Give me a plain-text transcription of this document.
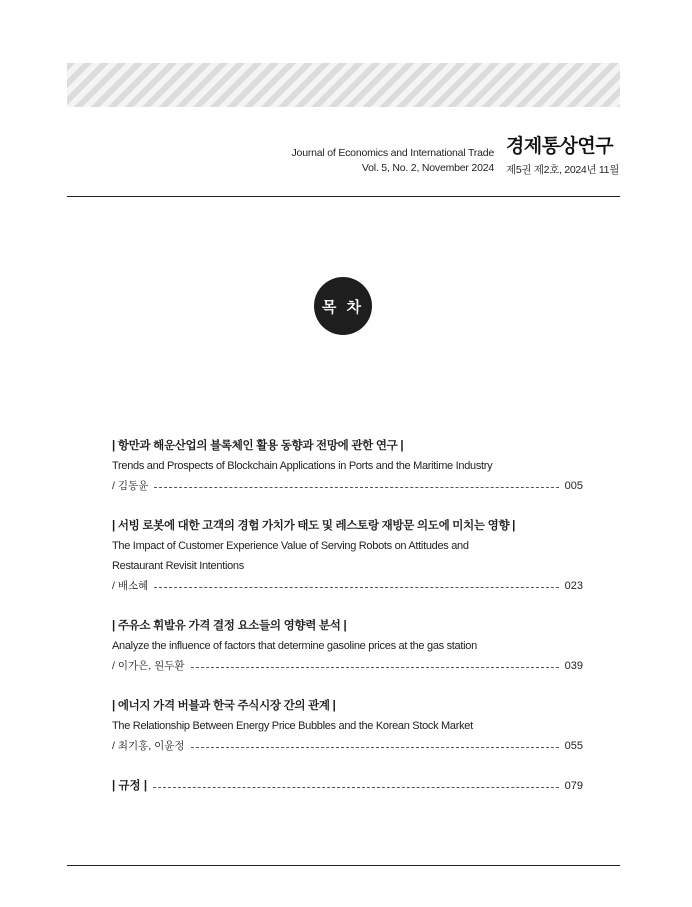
Journal of Economics and International Trade
Vol. 5, No. 2, November 2024
경제통상연구
제5권 제2호, 2024년 11월
목 차
| 항만과 해운산업의 블록체인 활용 동향과 전망에 관한 연구 |
Trends and Prospects of Blockchain Applications in Ports and the Maritime Industry
/ 김동윤	005
| 서빙 로봇에 대한 고객의 경험 가치가 태도 및 레스토랑 재방문 의도에 미치는 영향 |
The Impact of Customer Experience Value of Serving Robots on Attitudes and
Restaurant Revisit Intentions
/ 배소혜	023
| 주유소 휘발유 가격 결정 요소들의 영향력 분석 |
Analyze the influence of factors that determine gasoline prices at the gas station
/ 이가은, 원두환	039
| 에너지 가격 버블과 한국 주식시장 간의 관계 |
The Relationship Between Energy Price Bubbles and the Korean Stock Market
/ 최기홍, 이윤정	055
| 규정 |	079
